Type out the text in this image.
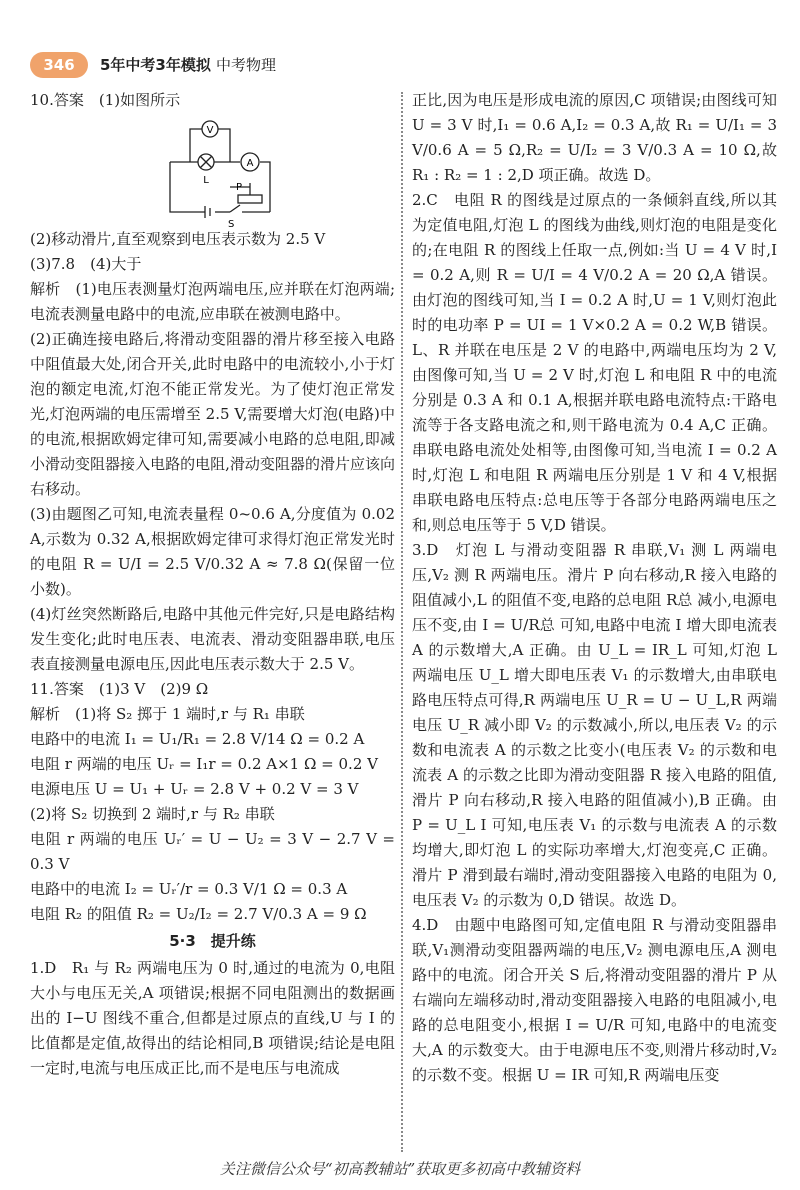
346	5年中考3年模拟 中考物理

10.答案　(1)如图所示

V
A
L
P
S

(2)移动滑片,直至观察到电压表示数为 2.5 V

(3)7.8　(4)大于

解析　(1)电压表测量灯泡两端电压,应并联在灯泡两端;电流表测量电路中的电流,应串联在被测电路中。

(2)正确连接电路后,将滑动变阻器的滑片移至接入电路中阻值最大处,闭合开关,此时电路中的电流较小,小于灯泡的额定电流,灯泡不能正常发光。为了使灯泡正常发光,灯泡两端的电压需增至 2.5 V,需要增大灯泡(电路)中的电流,根据欧姆定律可知,需要减小电路的总电阻,即减小滑动变阻器接入电路的电阻,滑动变阻器的滑片应该向右移动。

(3)由题图乙可知,电流表量程 0~0.6 A,分度值为 0.02 A,示数为 0.32 A,根据欧姆定律可求得灯泡正常发光时的电阻 R = U/I = 2.5 V/0.32 A ≈ 7.8 Ω(保留一位小数)。

(4)灯丝突然断路后,电路中其他元件完好,只是电路结构发生变化;此时电压表、电流表、滑动变阻器串联,电压表直接测量电源电压,因此电压表示数大于 2.5 V。

11.答案　(1)3 V　(2)9 Ω

解析　(1)将 S₂ 掷于 1 端时,r 与 R₁ 串联

电路中的电流 I₁ = U₁/R₁ = 2.8 V/14 Ω = 0.2 A

电阻 r 两端的电压 Uᵣ = I₁r = 0.2 A×1 Ω = 0.2 V

电源电压 U = U₁ + Uᵣ = 2.8 V + 0.2 V = 3 V

(2)将 S₂ 切换到 2 端时,r 与 R₂ 串联

电阻 r 两端的电压 Uᵣ′ = U − U₂ = 3 V − 2.7 V = 0.3 V

电路中的电流 I₂ = Uᵣ′/r = 0.3 V/1 Ω = 0.3 A

电阻 R₂ 的阻值 R₂ = U₂/I₂ = 2.7 V/0.3 A = 9 Ω

5·3　提升练

1.D　R₁ 与 R₂ 两端电压为 0 时,通过的电流为 0,电阻大小与电压无关,A 项错误;根据不同电阻测出的数据画出的 I−U 图线不重合,但都是过原点的直线,U 与 I 的比值都是定值,故得出的结论相同,B 项错误;结论是电阻一定时,电流与电压成正比,而不是电压与电流成

正比,因为电压是形成电流的原因,C 项错误;由图线可知 U = 3 V 时,I₁ = 0.6 A,I₂ = 0.3 A,故 R₁ = U/I₁ = 3 V/0.6 A = 5 Ω,R₂ = U/I₂ = 3 V/0.3 A = 10 Ω,故 R₁ : R₂ = 1 : 2,D 项正确。故选 D。

2.C　电阻 R 的图线是过原点的一条倾斜直线,所以其为定值电阻,灯泡 L 的图线为曲线,则灯泡的电阻是变化的;在电阻 R 的图线上任取一点,例如:当 U = 4 V 时,I = 0.2 A,则 R = U/I = 4 V/0.2 A = 20 Ω,A 错误。由灯泡的图线可知,当 I = 0.2 A 时,U = 1 V,则灯泡此时的电功率 P = UI = 1 V×0.2 A = 0.2 W,B 错误。L、R 并联在电压是 2 V 的电路中,两端电压均为 2 V,由图像可知,当 U = 2 V 时,灯泡 L 和电阻 R 中的电流分别是 0.3 A 和 0.1 A,根据并联电路电流特点:干路电流等于各支路电流之和,则干路电流为 0.4 A,C 正确。串联电路电流处处相等,由图像可知,当电流 I = 0.2 A 时,灯泡 L 和电阻 R 两端电压分别是 1 V 和 4 V,根据串联电路电压特点:总电压等于各部分电路两端电压之和,则总电压等于 5 V,D 错误。

3.D　灯泡 L 与滑动变阻器 R 串联,V₁ 测 L 两端电压,V₂ 测 R 两端电压。滑片 P 向右移动,R 接入电路的阻值减小,L 的阻值不变,电路的总电阻 R总 减小,电源电压不变,由 I = U/R总 可知,电路中电流 I 增大即电流表 A 的示数增大,A 正确。由 U_L = IR_L 可知,灯泡 L 两端电压 U_L 增大即电压表 V₁ 的示数增大,由串联电路电压特点可得,R 两端电压 U_R = U − U_L,R 两端电压 U_R 减小即 V₂ 的示数减小,所以,电压表 V₂ 的示数和电流表 A 的示数之比变小(电压表 V₂ 的示数和电流表 A 的示数之比即为滑动变阻器 R 接入电路的阻值,滑片 P 向右移动,R 接入电路的阻值减小),B 正确。由 P = U_L I 可知,电压表 V₁ 的示数与电流表 A 的示数均增大,即灯泡 L 的实际功率增大,灯泡变亮,C 正确。滑片 P 滑到最右端时,滑动变阻器接入电路的电阻为 0,电压表 V₂ 的示数为 0,D 错误。故选 D。

4.D　由题中电路图可知,定值电阻 R 与滑动变阻器串联,V₁测滑动变阻器两端的电压,V₂ 测电源电压,A 测电路中的电流。闭合开关 S 后,将滑动变阻器的滑片 P 从右端向左端移动时,滑动变阻器接入电路的电阻减小,电路的总电阻变小,根据 I = U/R 可知,电路中的电流变大,A 的示数变大。由于电源电压不变,则滑片移动时,V₂ 的示数不变。根据 U = IR 可知,R 两端电压变

关注微信公众号“初高教辅站”获取更多初高中教辅资料
